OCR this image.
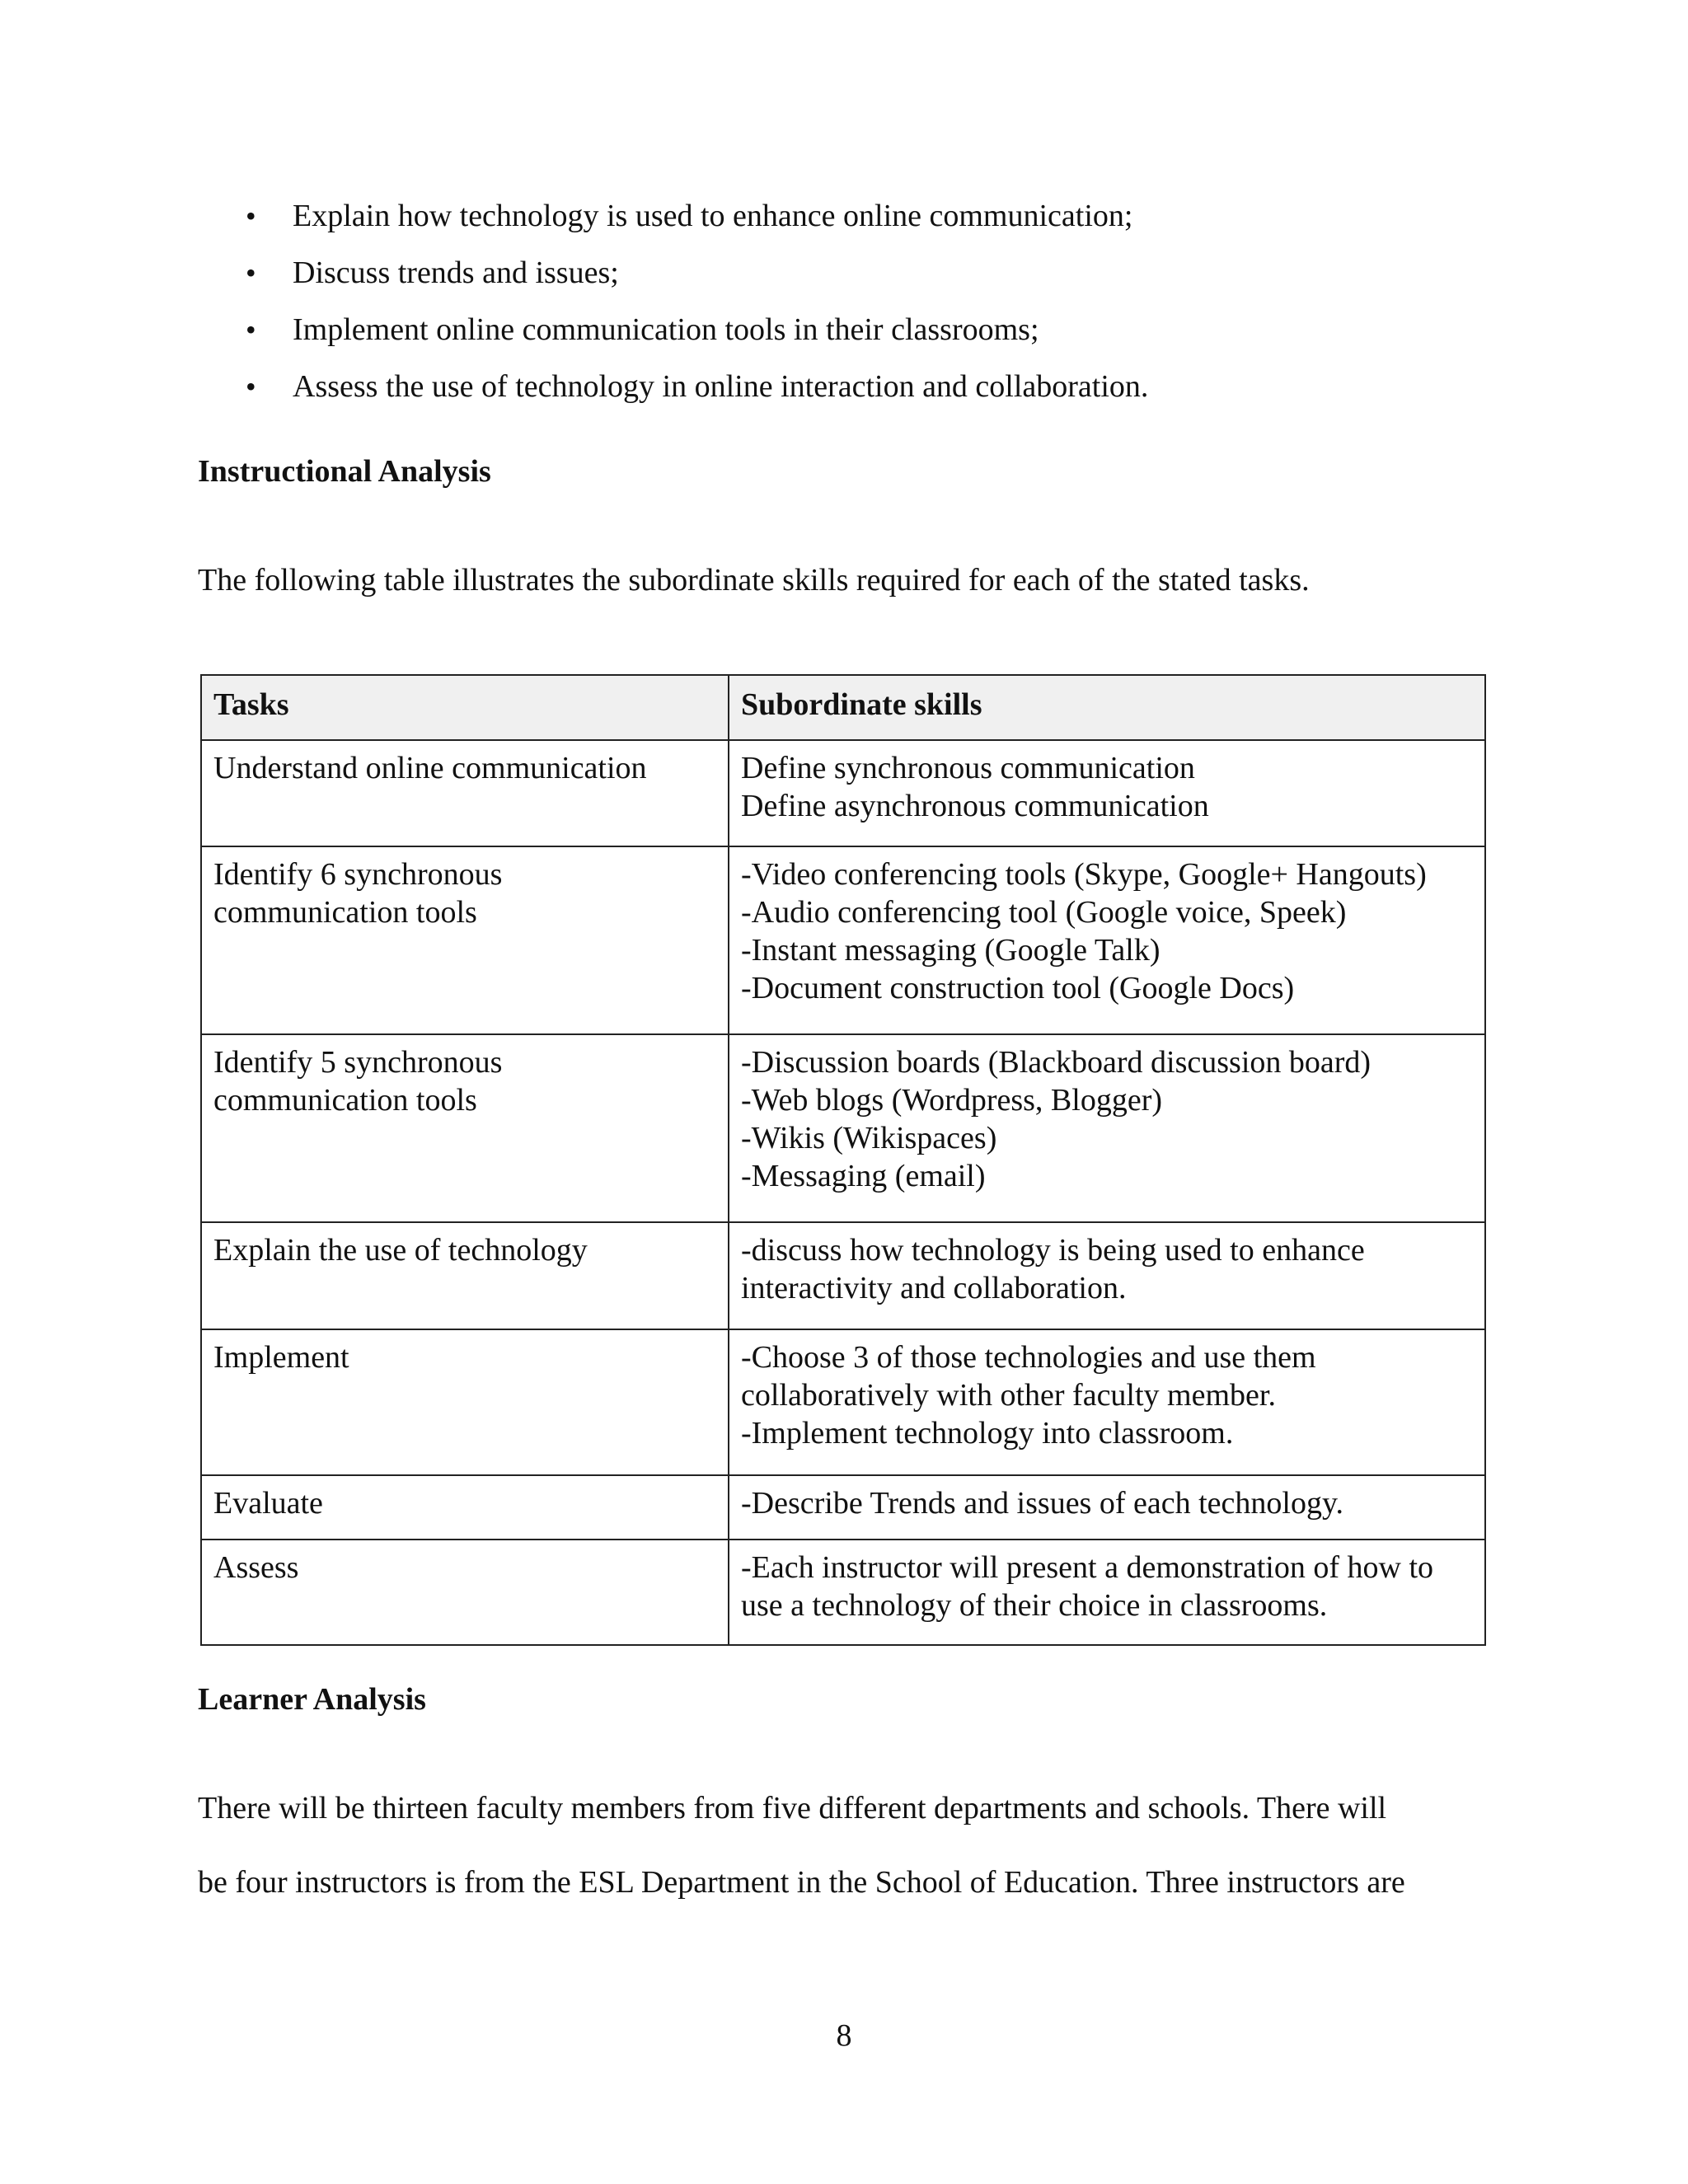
• Explain how technology is used to enhance online communication;
• Discuss trends and issues;
• Implement online communication tools in their classrooms;
• Assess the use of technology in online interaction and collaboration.

Instructional Analysis

The following table illustrates the subordinate skills required for each of the stated tasks.

Tasks	Subordinate skills

Understand online communication	Define synchronous communication
Define asynchronous communication

Identify 6 synchronous
communication tools	-Video conferencing tools (Skype, Google+ Hangouts)
-Audio conferencing tool (Google voice, Speek)
-Instant messaging (Google Talk)
-Document construction tool (Google Docs)

Identify 5 synchronous
communication tools	-Discussion boards (Blackboard discussion board)
-Web blogs (Wordpress, Blogger)
-Wikis (Wikispaces)
-Messaging (email)

Explain the use of technology	-discuss how technology is being used to enhance
interactivity and collaboration.

Implement	-Choose 3 of those technologies and use them
collaboratively with other faculty member.
-Implement technology into classroom.

Evaluate	-Describe Trends and issues of each technology.

Assess	-Each instructor will present a demonstration of how to
use a technology of their choice in classrooms.

Learner Analysis

There will be thirteen faculty members from five different departments and schools. There will

be four instructors is from the ESL Department in the School of Education. Three instructors are

8
